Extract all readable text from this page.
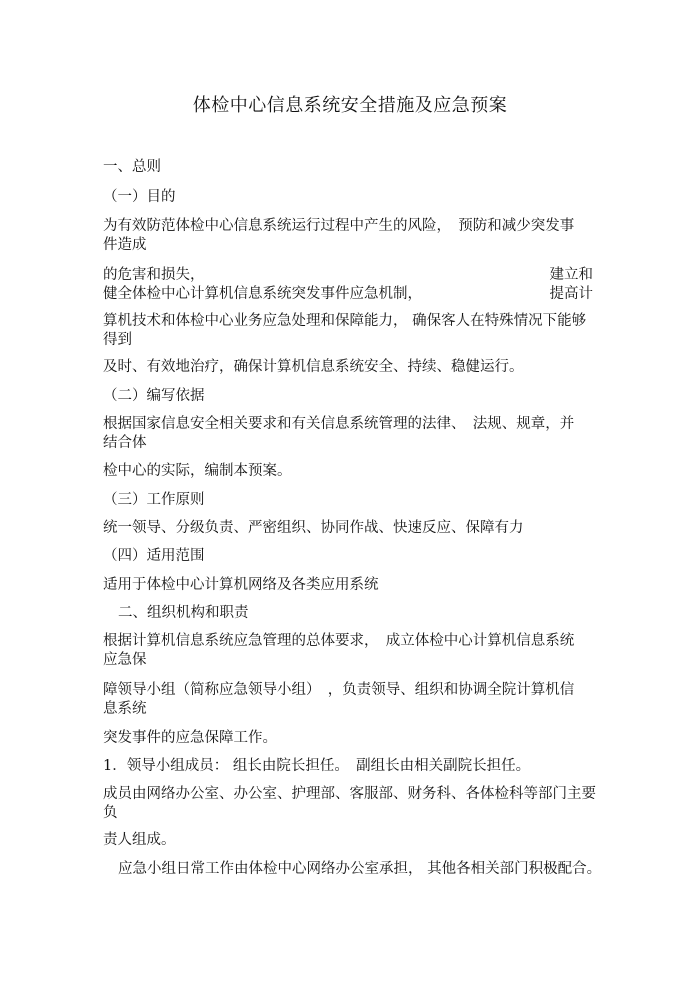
体检中心信息系统安全措施及应急预案
一、总则
（一）目的
为有效防范体检中心信息系统运行过程中产生的风险，　预防和减少突发事
件造成
的危害和损失，	建立和
健全体检中心计算机信息系统突发事件应急机制，	提高计
算机技术和体检中心业务应急处理和保障能力， 确保客人在特殊情况下能够
得到
及时、有效地治疗，确保计算机信息系统安全、持续、稳健运行。
（二）编写依据
根据国家信息安全相关要求和有关信息系统管理的法律、　法规、规章，并
结合体
检中心的实际，编制本预案。
（三）工作原则
统一领导、分级负责、严密组织、协同作战、快速反应、保障有力
（四）适用范围
适用于体检中心计算机网络及各类应用系统
二、组织机构和职责
根据计算机信息系统应急管理的总体要求，　成立体检中心计算机信息系统
应急保
障领导小组（简称应急领导小组）　，负责领导、组织和协调全院计算机信
息系统
突发事件的应急保障工作。
1．领导小组成员： 组长由院长担任。　副组长由相关副院长担任。
成员由网络办公室、办公室、护理部、客服部、财务科、各体检科等部门主要
负
责人组成。
应急小组日常工作由体检中心网络办公室承担， 其他各相关部门积极配合。
